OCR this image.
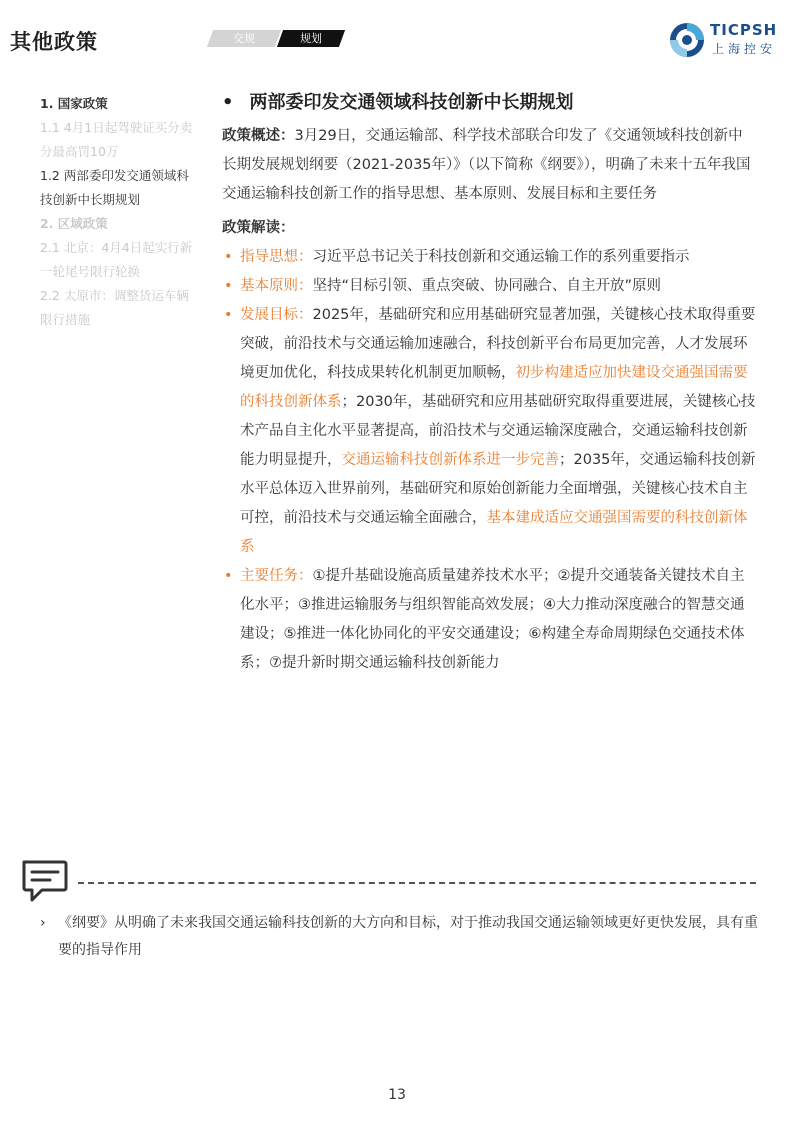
其他政策	交规	规划	TICPSH
上海控安
1. 国家政策
1.1 4月1日起驾驶证买分卖分最高罚10万
1.2 两部委印发交通领域科技创新中长期规划
2. 区域政策
2.1 北京：4月4日起实行新一轮尾号限行轮换
2.2 太原市：调整货运车辆限行措施
• 两部委印发交通领域科技创新中长期规划

政策概述：3月29日，交通运输部、科学技术部联合印发了《交通领域科技创新中长期发展规划纲要（2021-2035年）》（以下简称《纲要》），明确了未来十五年我国交通运输科技创新工作的指导思想、基本原则、发展目标和主要任务

政策解读：
• 指导思想：习近平总书记关于科技创新和交通运输工作的系列重要指示
• 基本原则：坚持“目标引领、重点突破、协同融合、自主开放”原则
• 发展目标：2025年，基础研究和应用基础研究显著加强，关键核心技术取得重要突破，前沿技术与交通运输加速融合，科技创新平台布局更加完善，人才发展环境更加优化，科技成果转化机制更加顺畅，初步构建适应加快建设交通强国需要的科技创新体系；2030年，基础研究和应用基础研究取得重要进展，关键核心技术产品自主化水平显著提高，前沿技术与交通运输深度融合，交通运输科技创新能力明显提升，交通运输科技创新体系进一步完善；2035年，交通运输科技创新水平总体迈入世界前列，基础研究和原始创新能力全面增强，关键核心技术自主可控，前沿技术与交通运输全面融合，基本建成适应交通强国需要的科技创新体系
• 主要任务：①提升基础设施高质量建养技术水平；②提升交通装备关键技术自主化水平；③推进运输服务与组织智能高效发展；④大力推动深度融合的智慧交通建设；⑤推进一体化协同化的平安交通建设；⑥构建全寿命周期绿色交通技术体系；⑦提升新时期交通运输科技创新能力
› 《纲要》从明确了未来我国交通运输科技创新的大方向和目标，对于推动我国交通运输领域更好更快发展，具有重要的指导作用
13
